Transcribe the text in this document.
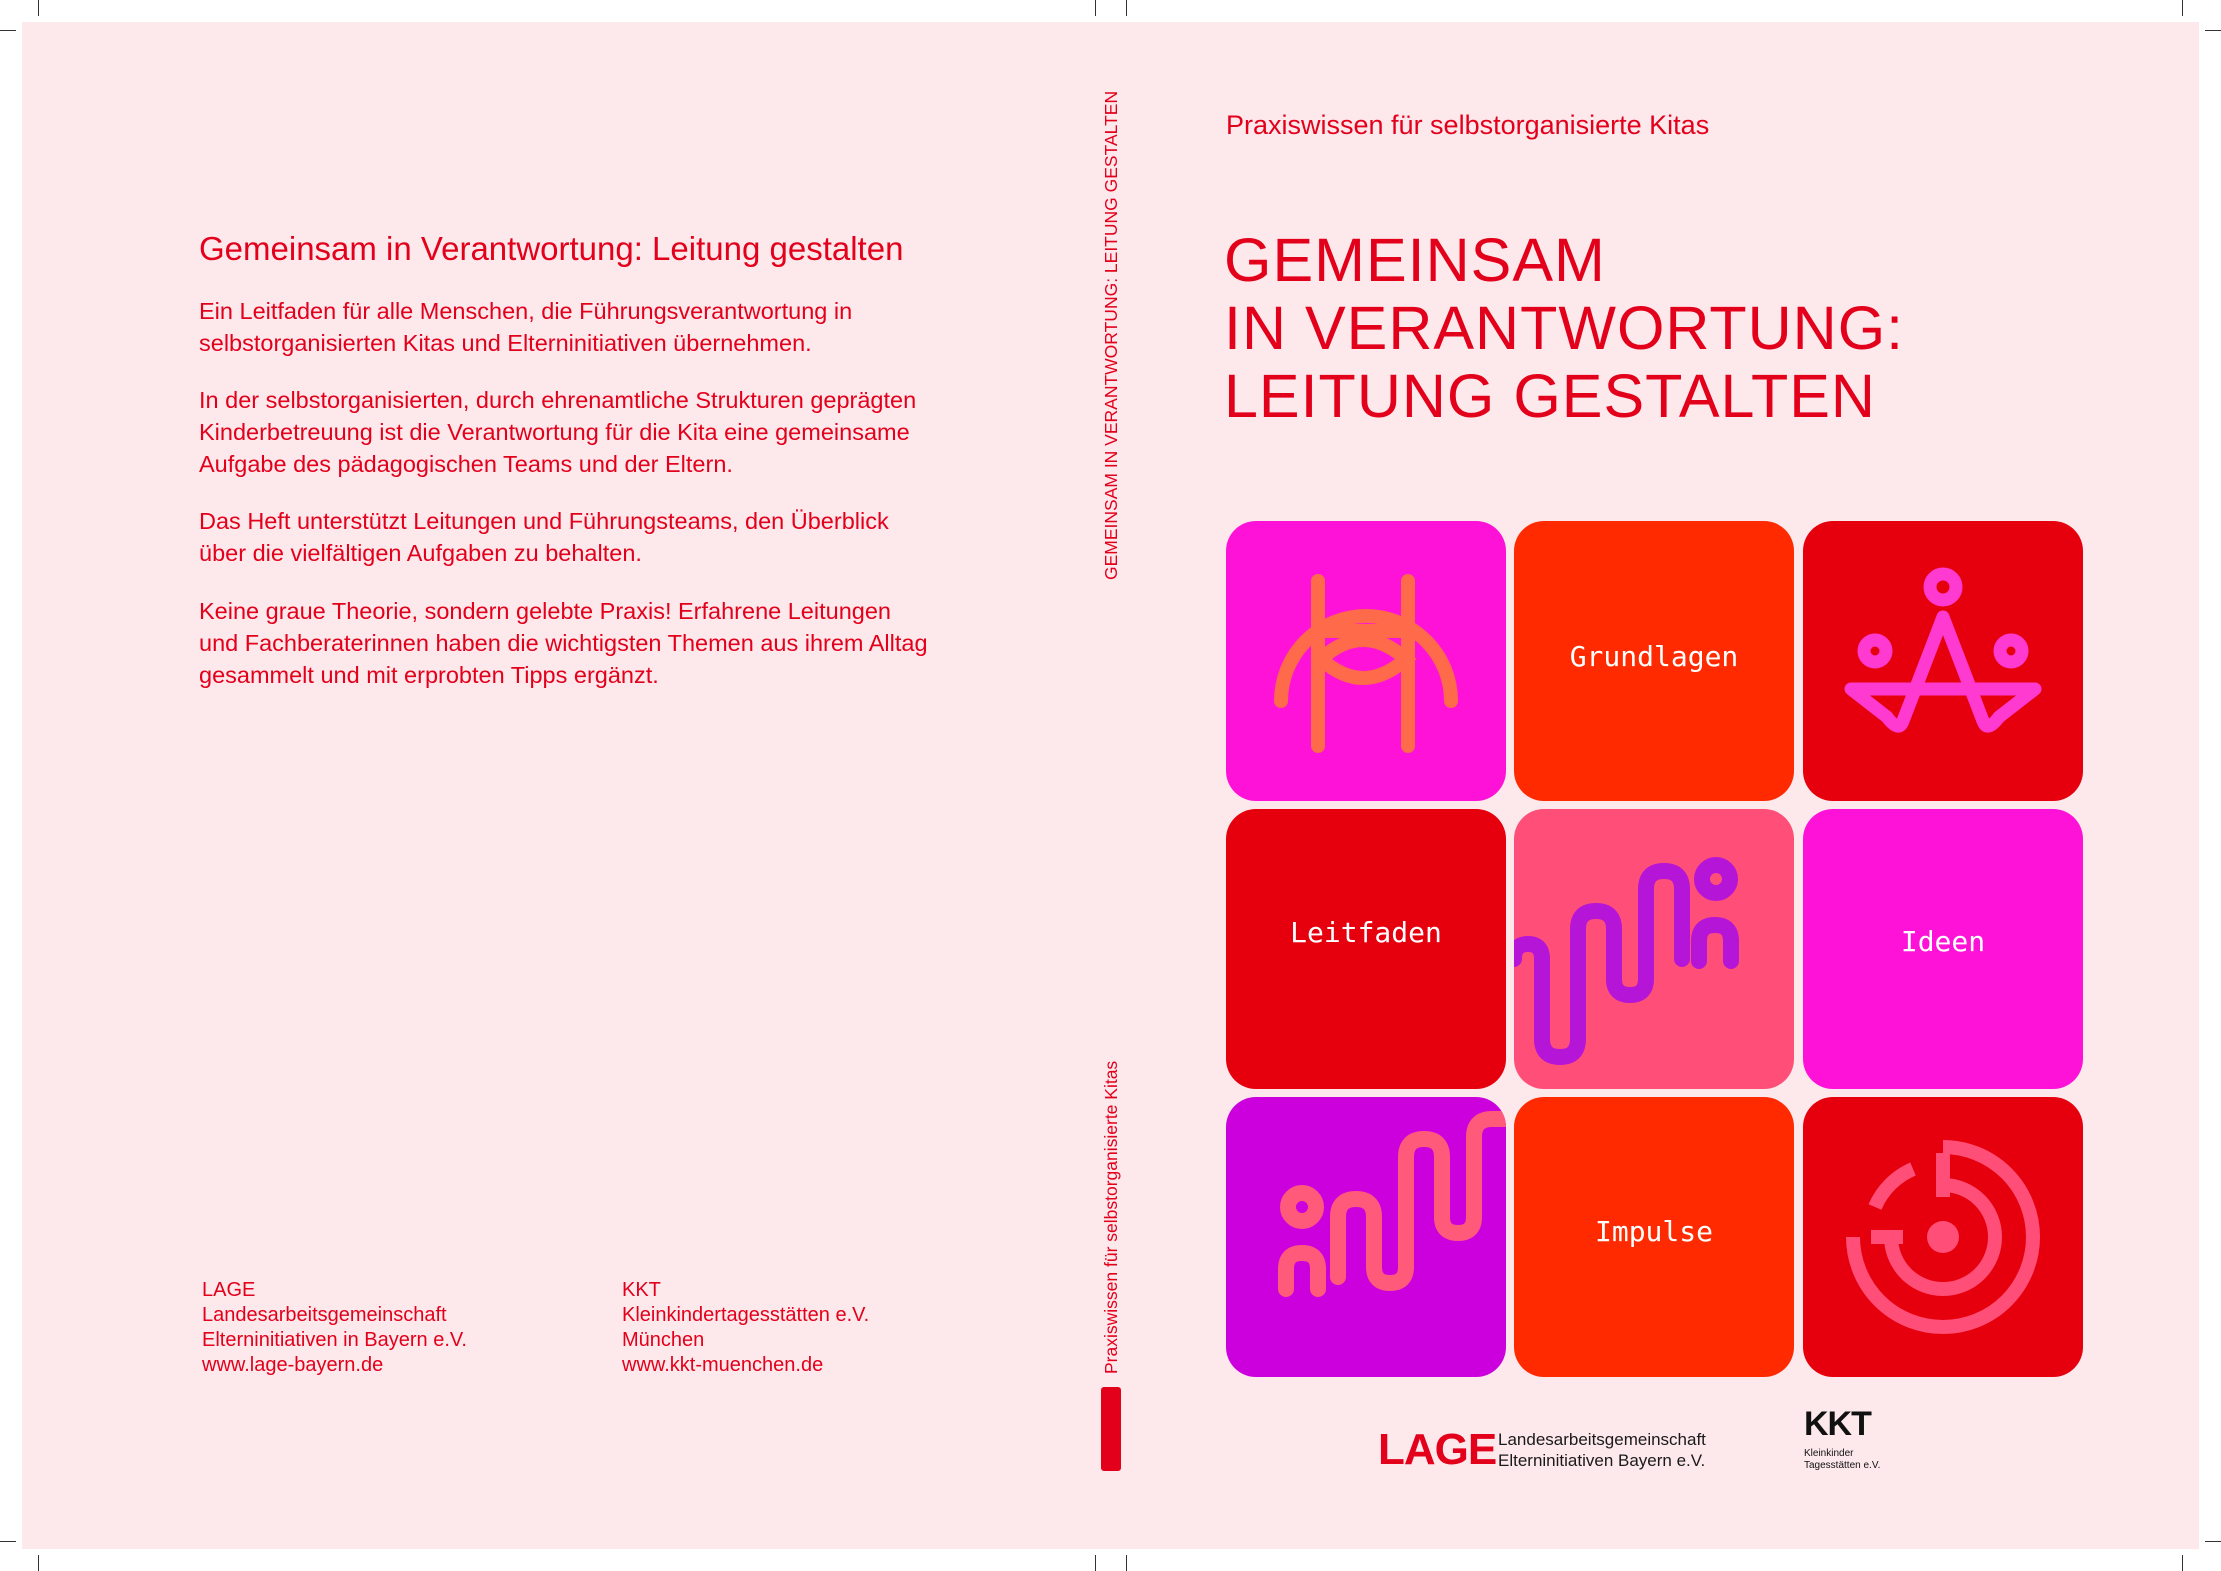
Gemeinsam in Verantwortung: Leitung gestalten

Ein Leitfaden für alle Menschen, die Führungsverantwortung in selbstorganisierten Kitas und Elterninitiativen übernehmen.

In der selbstorganisierten, durch ehrenamtliche Strukturen geprägten Kinderbetreuung ist die Verantwortung für die Kita eine gemeinsame Aufgabe des pädagogischen Teams und der Eltern.

Das Heft unterstützt Leitungen und Führungsteams, den Überblick über die vielfältigen Aufgaben zu behalten.

Keine graue Theorie, sondern gelebte Praxis! Erfahrene Leitungen und Fachberaterinnen haben die wichtigsten Themen aus ihrem Alltag gesammelt und mit erprobten Tipps ergänzt.

LAGE
Landesarbeitsgemeinschaft
Elterninitiativen in Bayern e.V.
www.lage-bayern.de
KKT
Kleinkindertagesstätten e.V.
München
www.kkt-muenchen.de
GEMEINSAM IN VERANTWORTUNG: LEITUNG GESTALTEN
Praxiswissen für selbstorganisierte Kitas
Praxiswissen für selbstorganisierte Kitas
GEMEINSAM
IN VERANTWORTUNG:
LEITUNG GESTALTEN
Grundlagen
Leitfaden	Ideen
Impulse
LAGE Landesarbeitsgemeinschaft
Elterninitiativen Bayern e.V.
KKT
Kleinkinder
Tagesstätten e.V.
